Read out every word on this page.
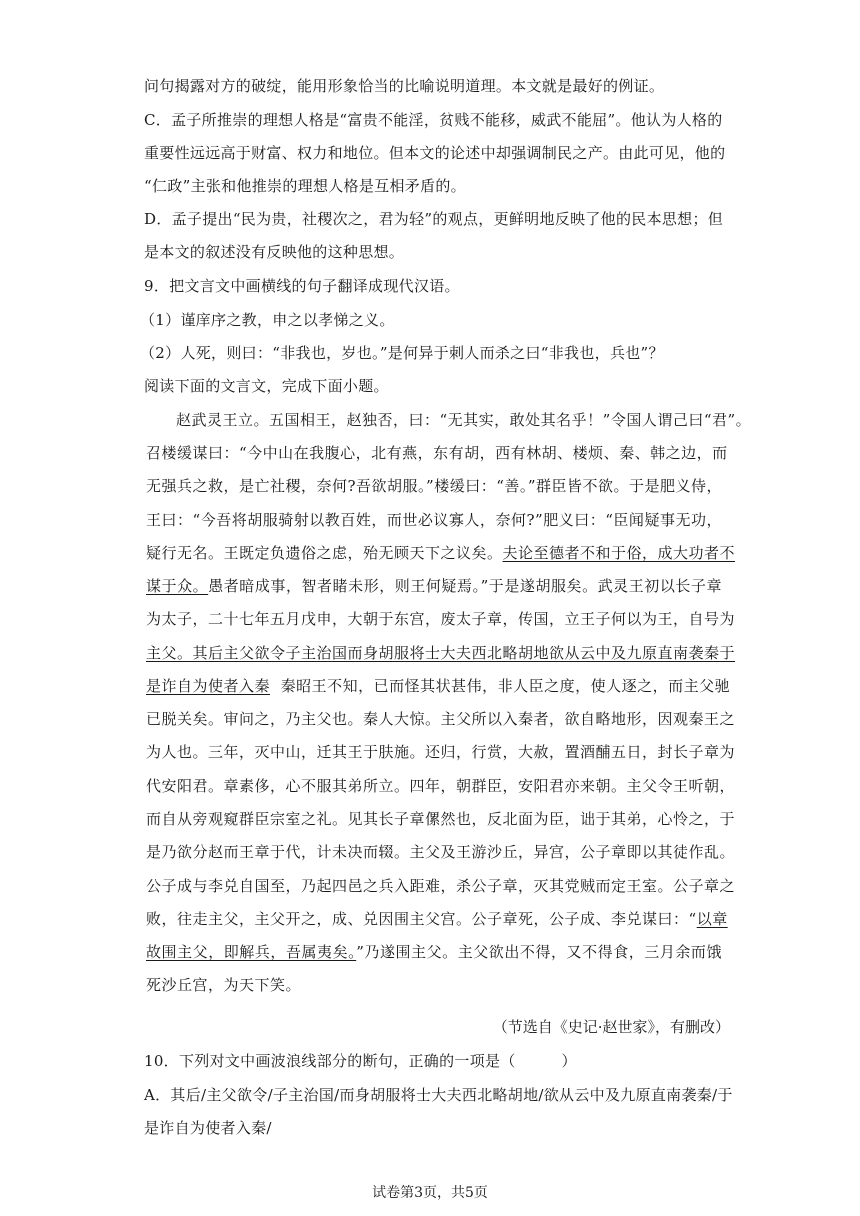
问句揭露对方的破绽，能用形象恰当的比喻说明道理。本文就是最好的例证。
C．孟子所推崇的理想人格是“富贵不能淫，贫贱不能移，威武不能屈”。他认为人格的
重要性远远高于财富、权力和地位。但本文的论述中却强调制民之产。由此可见，他的
“仁政”主张和他推崇的理想人格是互相矛盾的。
D．孟子提出“民为贵，社稷次之，君为轻”的观点，更鲜明地反映了他的民本思想；但
是本文的叙述没有反映他的这种思想。
9．把文言文中画横线的句子翻译成现代汉语。
（1）谨庠序之教，申之以孝悌之义。
（2）人死，则曰：“非我也，岁也。”是何异于刺人而杀之曰“非我也，兵也”？
阅读下面的文言文，完成下面小题。
赵武灵王立。五国相王，赵独否，曰：“无其实，敢处其名乎！”令国人谓己曰“君”。
召楼缓谋曰：“今中山在我腹心，北有燕，东有胡，西有林胡、楼烦、秦、韩之边，而
无强兵之救，是亡社稷，奈何?吾欲胡服。”楼缓曰：“善。”群臣皆不欲。于是肥义侍，
王曰：“今吾将胡服骑射以教百姓，而世必议寡人，奈何?”肥义曰：“臣闻疑事无功，
疑行无名。王既定负遗俗之虑，殆无顾天下之议矣。夫论至德者不和于俗，成大功者不
谋于众。愚者暗成事，智者睹未形，则王何疑焉。”于是遂胡服矣。武灵王初以长子章
为太子，二十七年五月戊申，大朝于东宫，废太子章，传国，立王子何以为王，自号为
主父。其后主父欲令子主治国而身胡服将士大夫西北略胡地欲从云中及九原直南袭秦于
是诈自为使者入秦 秦昭王不知，已而怪其状甚伟，非人臣之度，使人逐之，而主父驰
已脱关矣。审问之，乃主父也。秦人大惊。主父所以入秦者，欲自略地形，因观秦王之
为人也。三年，灭中山，迁其王于肤施。还归，行赏，大赦，置酒酺五日，封长子章为
代安阳君。章素侈，心不服其弟所立。四年，朝群臣，安阳君亦来朝。主父令王听朝，
而自从旁观窥群臣宗室之礼。见其长子章傫然也，反北面为臣，诎于其弟，心怜之，于
是乃欲分赵而王章于代，计未决而辍。主父及王游沙丘，异宫，公子章即以其徒作乱。
公子成与李兑自国至，乃起四邑之兵入距难，杀公子章，灭其党贼而定王室。公子章之
败，往走主父，主父开之，成、兑因围主父宫。公子章死，公子成、李兑谋曰：“以章
故围主父，即解兵，吾属夷矣。”乃遂围主父。主父欲出不得，又不得食，三月余而饿
死沙丘宫，为天下笑。
（节选自《史记·赵世家》，有删改）
10．下列对文中画波浪线部分的断句，正确的一项是（　　　）
A．其后/主父欲令/子主治国/而身胡服将士大夫西北略胡地/欲从云中及九原直南袭秦/于
是诈自为使者入秦/
试卷第3页，共5页
